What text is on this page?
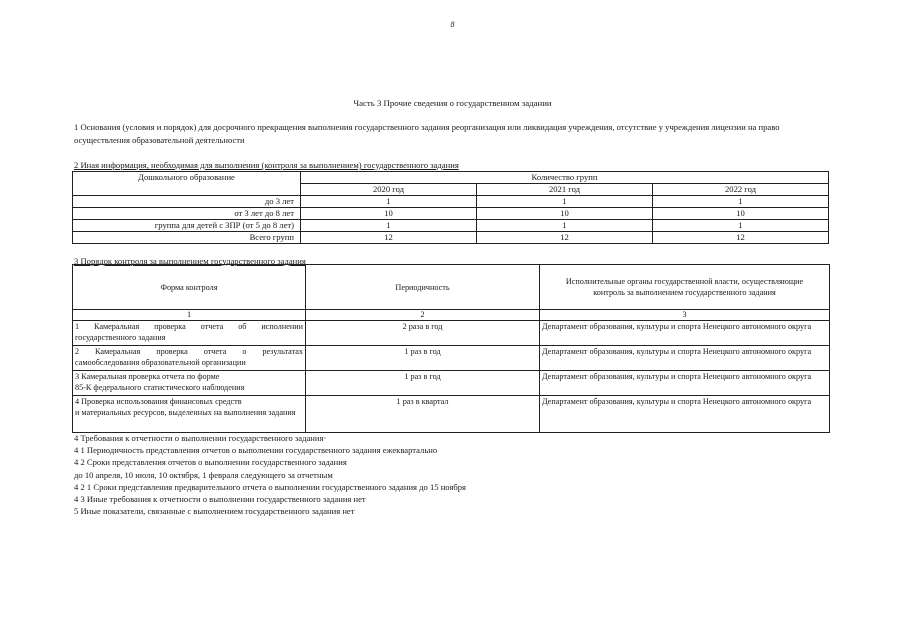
8
Часть 3 Прочие сведения о государственном задании
1 Основания (условия и порядок) для досрочного прекращения выполнения государственного задания реорганизация или ликвидация учреждения, отсутствие у учреждения лицензии на право осуществления образовательной деятельности
2 Иная информация, необходимая для выполнения (контроля за выполнением) государственного задания
Дошкольного образование	Количество групп		
	2020 год	2021 год	2022 год
до 3 лет	1	1	1
от 3 лет до 8 лет	10	10	10
группа для детей с ЗПР (от 5 до 8 лет)	1	1	1
Всего групп	12	12	12
3 Порядок контроля за выполнением государственного задания
Форма контроля	Периодичность	Исполнительные органы государственной власти, осуществляющие контроль за выполнением государственного задания
1	2	3

1 Камеральная проверка отчета об исполнении
государственного задания	2 раза в год	Департамент образования, культуры и спорта Ненецкого автономного округа

2 Камеральная проверка отчета о результатах
самообследования образовательной организации	1 раз в год	Департамент образования, культуры и спорта Ненецкого автономного округа

3 Камеральная проверка отчета по форме
85-К федерального статистического наблюдения	1 раз в год	Департамент образования, культуры и спорта Ненецкого автономного округа

4 Проверка использования финансовых средств
и материальных ресурсов, выделенных на выполнения задания	1 раз в квартал	Департамент образования, культуры и спорта Ненецкого автономного округа
4 Требования к отчетности о выполнении государственного задания·
4 1 Периодичность представления отчетов о выполнении государственного задания ежеквартально
4 2 Сроки представления отчетов о выполнении государственного задания
до 10 апреля, 10 июля, 10 октября, 1 февраля следующего за отчетным
4 2 1 Сроки представления предварительного отчета о выполнении государственного задания до 15 ноября
4 3 Иные требования к отчетности о выполнении государственного задания нет
5 Иные показатели, связанные с выполнением государственного задания нет
